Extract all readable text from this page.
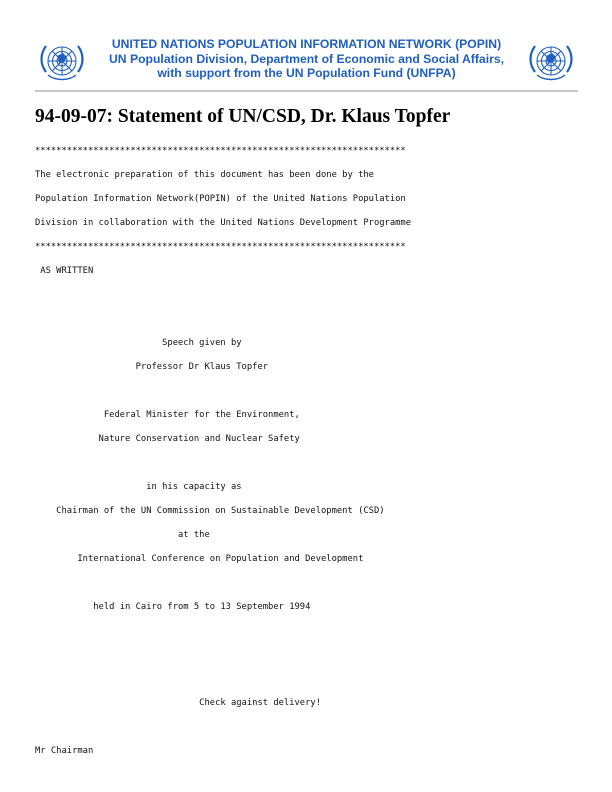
UNITED NATIONS POPULATION INFORMATION NETWORK (POPIN)
UN Population Division, Department of Economic and Social Affairs,
with support from the UN Population Fund (UNFPA)
94-09-07: Statement of UN/CSD, Dr. Klaus Topfer
**********************************************************************
The electronic preparation of this document has been done by the
Population Information Network(POPIN) of the United Nations Population
Division in collaboration with the United Nations Development Programme
**********************************************************************
AS WRITTEN
Speech given by
Professor Dr Klaus Topfer
Federal Minister for the Environment,
Nature Conservation and Nuclear Safety
in his capacity as
Chairman of the UN Commission on Sustainable Development (CSD)
at the
International Conference on Population and Development
held in Cairo from 5 to 13 September 1994
Check against delivery!
Mr Chairman
